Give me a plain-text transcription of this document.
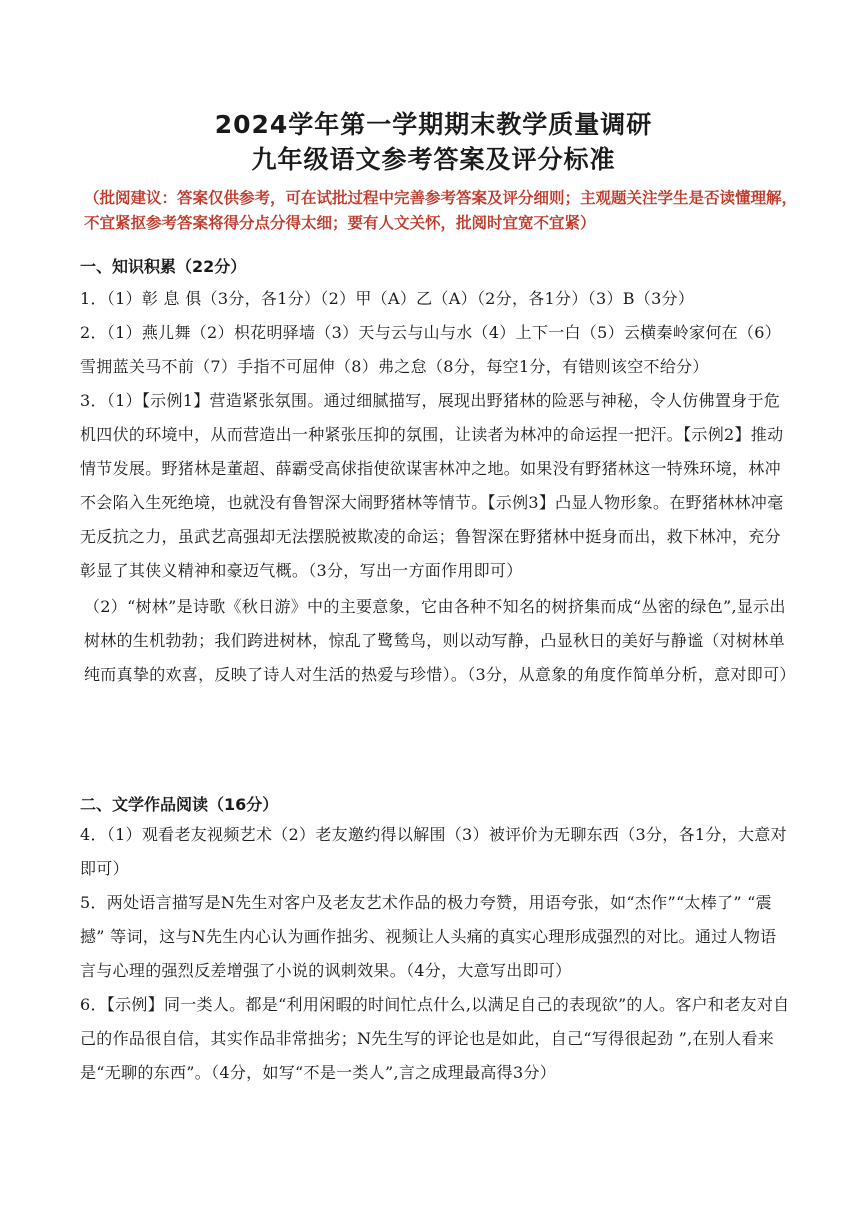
2024学年第一学期期末教学质量调研
九年级语文参考答案及评分标准

（批阅建议：答案仅供参考，可在试批过程中完善参考答案及评分细则；主观题关注学生是否读懂理解，不宜紧抠参考答案将得分点分得太细；要有人文关怀，批阅时宜宽不宜紧）

一、知识积累（22分）

1．（1）彰 息 俱（3分，各1分）（2）甲（A）乙（A）（2分，各1分）（3）B（3分）

2．（1）燕儿舞（2）枳花明驿墙（3）天与云与山与水（4）上下一白（5）云横秦岭家何在（6）雪拥蓝关马不前（7）手指不可屈伸（8）弗之怠（8分，每空1分，有错则该空不给分）

3．（1）【示例1】营造紧张氛围。通过细腻描写，展现出野猪林的险恶与神秘，令人仿佛置身于危机四伏的环境中，从而营造出一种紧张压抑的氛围，让读者为林冲的命运捏一把汗。【示例2】推动情节发展。野猪林是董超、薛霸受高俅指使欲谋害林冲之地。如果没有野猪林这一特殊环境，林冲不会陷入生死绝境，也就没有鲁智深大闹野猪林等情节。【示例3】凸显人物形象。在野猪林林冲毫无反抗之力，虽武艺高强却无法摆脱被欺凌的命运；鲁智深在野猪林中挺身而出，救下林冲，充分彰显了其侠义精神和豪迈气概。（3分，写出一方面作用即可）

（2）“树林”是诗歌《秋日游》中的主要意象，它由各种不知名的树挤集而成“丛密的绿色”,显示出树林的生机勃勃；我们跨进树林，惊乱了鹭鸶鸟，则以动写静，凸显秋日的美好与静谧（对树林单纯而真挚的欢喜，反映了诗人对生活的热爱与珍惜）。（3分，从意象的角度作简单分析，意对即可）

二、文学作品阅读（16分）

4．（1）观看老友视频艺术（2）老友邀约得以解围（3）被评价为无聊东西（3分，各1分，大意对即可）

5．两处语言描写是N先生对客户及老友艺术作品的极力夸赞，用语夸张，如“杰作”“太棒了” “震撼” 等词，这与N先生内心认为画作拙劣、视频让人头痛的真实心理形成强烈的对比。通过人物语言与心理的强烈反差增强了小说的讽刺效果。（4分，大意写出即可）

6．【示例】同一类人。都是“利用闲暇的时间忙点什么,以满足自己的表现欲”的人。客户和老友对自己的作品很自信，其实作品非常拙劣；N先生写的评论也是如此，自己“写得很起劲 ”,在别人看来是“无聊的东西”。（4分，如写“不是一类人”,言之成理最高得3分）
